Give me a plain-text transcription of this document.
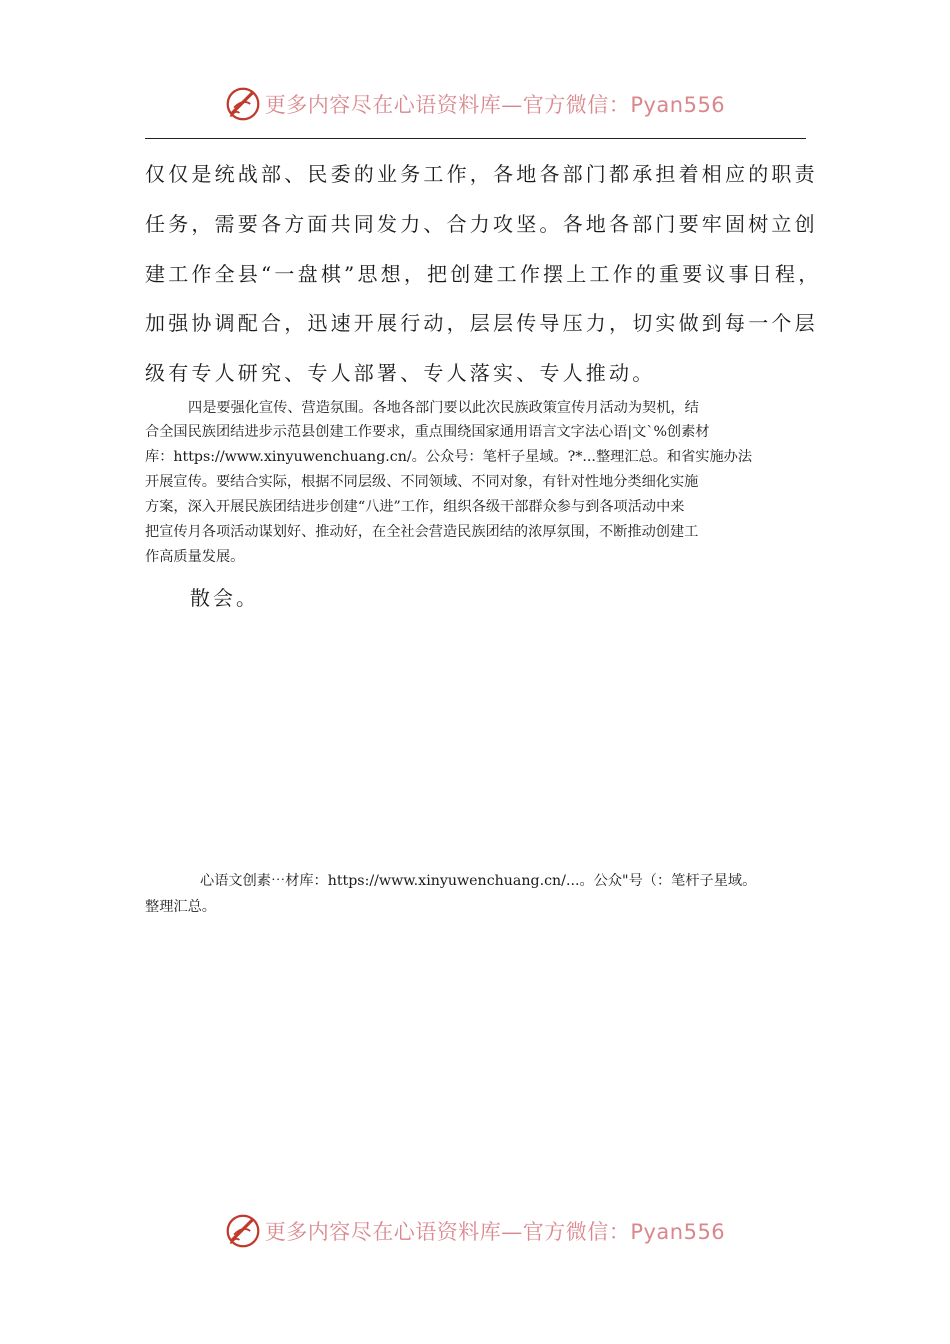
更多内容尽在心语资料库—官方微信：Pyan556

仅仅是统战部、民委的业务工作，各地各部门都承担着相应的职责

任务，需要各方面共同发力、合力攻坚。各地各部门要牢固树立创

建工作全县“一盘棋”思想，把创建工作摆上工作的重要议事日程，

加强协调配合，迅速开展行动，层层传导压力，切实做到每一个层

级有专人研究、专人部署、专人落实、专人推动。

四是要强化宣传、营造氛围。各地各部门要以此次民族政策宣传月活动为契机，结

合全国民族团结进步示范县创建工作要求，重点围绕国家通用语言文字法心语|文`%创素材

库：https://www.xinyuwenchuang.cn/。公众号：笔杆子星域。?*...整理汇总。和省实施办法

开展宣传。要结合实际，根据不同层级、不同领域、不同对象，有针对性地分类细化实施

方案，深入开展民族团结进步创建“八进”工作，组织各级干部群众参与到各项活动中来

把宣传月各项活动谋划好、推动好，在全社会营造民族团结的浓厚氛围，不断推动创建工

作高质量发展。

散会。
心语文创素⋯材库：https://www.xinyuwenchuang.cn/...。公众"号（：笔杆子星域。
整理汇总。
更多内容尽在心语资料库—官方微信：Pyan556
